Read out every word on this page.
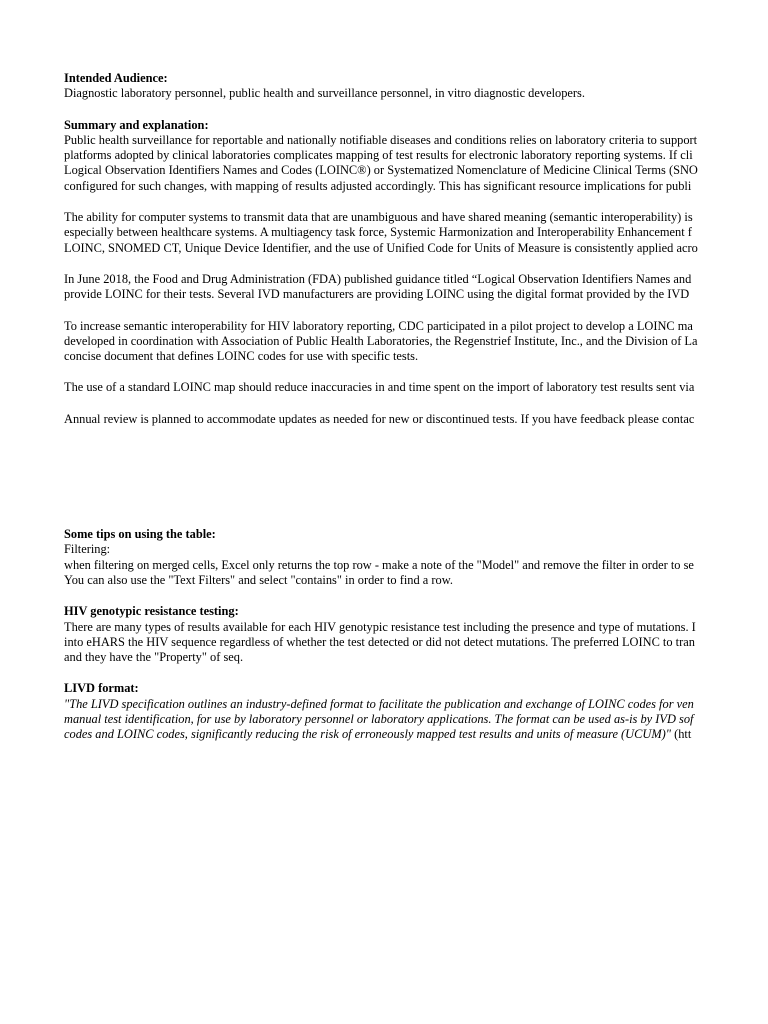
Intended Audience:
Diagnostic laboratory personnel, public health and surveillance personnel, in vitro diagnostic developers.
Summary and explanation:
Public health surveillance for reportable and nationally notifiable diseases and conditions relies on laboratory criteria to support
platforms adopted by clinical laboratories complicates mapping of test results for electronic laboratory reporting systems. If cli
Logical Observation Identifiers Names and Codes (LOINC®) or Systematized Nomenclature of Medicine Clinical Terms (SNO
configured for such changes, with mapping of results adjusted accordingly. This has significant resource implications for publi
The ability for computer systems to transmit data that are unambiguous and have shared meaning (semantic interoperability) is
especially between healthcare systems. A multiagency task force, Systemic Harmonization and Interoperability Enhancement f
LOINC, SNOMED CT, Unique Device Identifier, and the use of Unified Code for Units of Measure is consistently applied acro
In June 2018, the Food and Drug Administration (FDA) published guidance titled “Logical Observation Identifiers Names and
provide LOINC for their tests. Several IVD manufacturers are providing LOINC using the digital format provided by the IVD
To increase semantic interoperability for HIV laboratory reporting, CDC participated in a pilot project to develop a LOINC ma
developed in coordination with Association of Public Health Laboratories, the Regenstrief Institute, Inc., and the Division of La
concise document that defines LOINC codes for use with specific tests.
The use of a standard LOINC map should reduce inaccuracies in and time spent on the import of laboratory test results sent via
Annual review is planned to accommodate updates as needed for new or discontinued tests. If you have feedback please contac
Some tips on using the table:
Filtering:
when filtering on merged cells, Excel only returns the top row - make a note of the "Model" and remove the filter in order to se
You can also use the "Text Filters" and select "contains" in order to find a row.
HIV genotypic resistance testing:
There are many types of results available for each HIV genotypic resistance test including the presence and type of mutations. I
into eHARS the HIV sequence regardless of whether the test detected or did not detect mutations. The preferred LOINC to tran
and they have the "Property" of seq.
LIVD format:
"The LIVD specification outlines an industry-defined format to facilitate the publication and exchange of LOINC codes for ven
manual test identification, for use by laboratory personnel or laboratory applications. The format can be used as-is by IVD sof
codes and LOINC codes, significantly reducing the risk of erroneously mapped test results and units of measure (UCUM)" (htt
